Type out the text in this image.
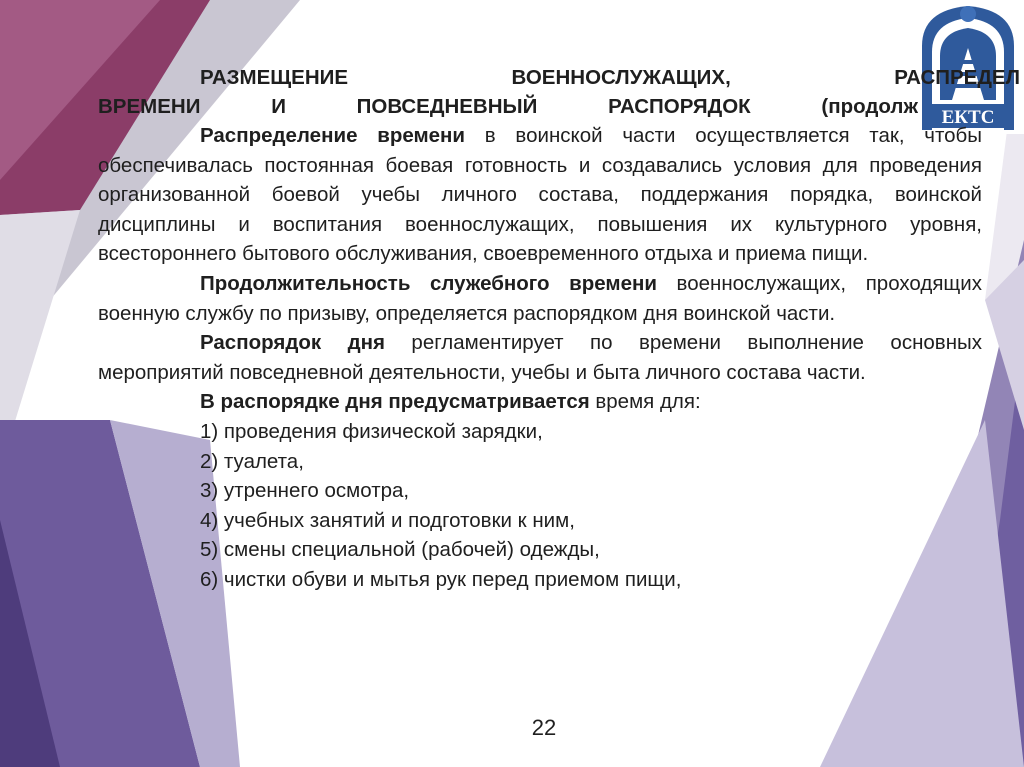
ЕКТС
РАЗМЕЩЕНИЕ	ВОЕННОСЛУЖАЩИХ,	РАСПРЕДЕЛ
ВРЕМЕНИ	И	ПОВСЕДНЕВНЫЙ	РАСПОРЯДОК	(продолж

Распределение времени в воинской части осуществляется так, чтобы обеспечивалась постоянная боевая готовность и создавались условия для проведения организованной боевой учебы личного состава, поддержания порядка, воинской дисциплины и воспитания военнослужащих, повышения их культурного уровня, всестороннего бытового обслуживания, своевременного отдыха и приема пищи.

Продолжительность служебного времени военнослужащих, проходящих военную службу по призыву, определяется распорядком дня воинской части.

Распорядок дня регламентирует по времени выполнение основных мероприятий повседневной деятельности, учебы и быта личного состава части.

В распорядке дня предусматривается время для:

1) проведения физической зарядки,

2) туалета,

3) утреннего осмотра,

4) учебных занятий и подготовки к ним,

5) смены специальной (рабочей) одежды,

6) чистки обуви и мытья рук перед приемом пищи,

22
